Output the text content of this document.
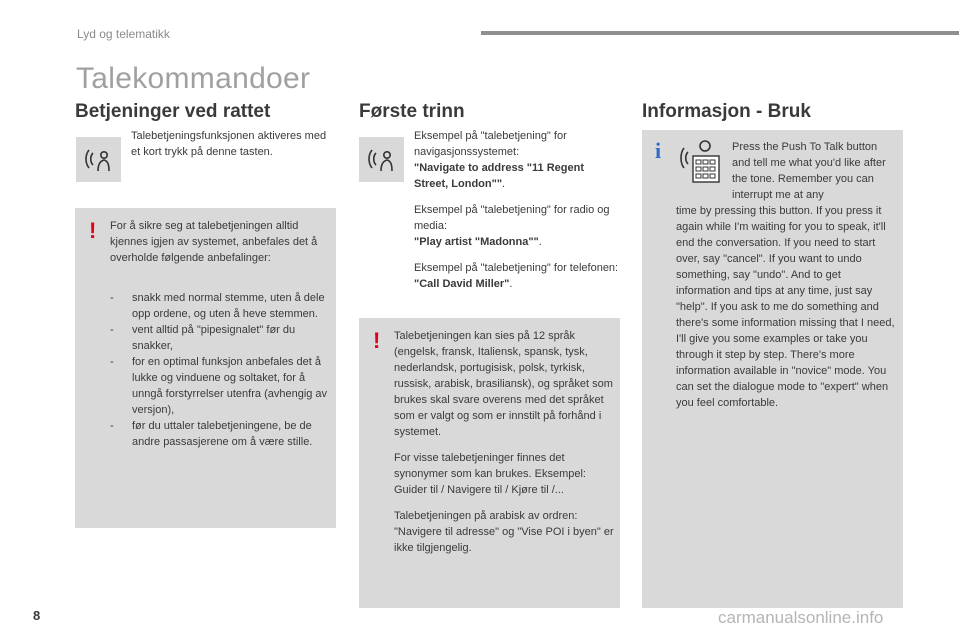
Lyd og telematikk
Talekommandoer
Betjeninger ved rattet
Talebetjeningsfunksjonen aktiveres med et kort trykk på denne tasten.
! For å sikre seg at talebetjeningen alltid kjennes igjen av systemet, anbefales det å overholde følgende anbefalinger:
- snakk med normal stemme, uten å dele opp ordene, og uten å heve stemmen.
- vent alltid på "pipesignalet" før du snakker,
- for en optimal funksjon anbefales det å lukke og vinduene og soltaket, for å unngå forstyrrelser utenfra (avhengig av versjon),
- før du uttaler talebetjeningene, be de andre passasjerene om å være stille.
Første trinn
Eksempel på "talebetjening" for navigasjonssystemet:
"Navigate to address "11 Regent Street, London"".
Eksempel på "talebetjening" for radio og media:
"Play artist "Madonna"".
Eksempel på "talebetjening" for telefonen:
"Call David Miller".
! Talebetjeningen kan sies på 12 språk (engelsk, fransk, Italiensk, spansk, tysk, nederlandsk, portugisisk, polsk, tyrkisk, russisk, arabisk, brasiliansk), og språket som brukes skal svare overens med det språket som er valgt og som er innstilt på forhånd i systemet.
For visse talebetjeninger finnes det synonymer som kan brukes. Eksempel: Guider til / Navigere til / Kjøre til /...
Talebetjeningen på arabisk av ordren: "Navigere til adresse" og "Vise POI i byen" er ikke tilgjengelig.
Informasjon - Bruk
i	Press the Push To Talk button and tell me what you'd like after the tone. Remember you can interrupt me at any
time by pressing this button. If you press it again while I'm waiting for you to speak, it'll end the conversation. If you need to start over, say "cancel". If you want to undo something, say "undo". And to get information and tips at any time, just say "help". If you ask to me do something and there's some information missing that I need, I'll give you some examples or take you through it step by step. There's more information available in "novice" mode. You can set the dialogue mode to "expert" when you feel comfortable.
8	carmanualsonline.info
